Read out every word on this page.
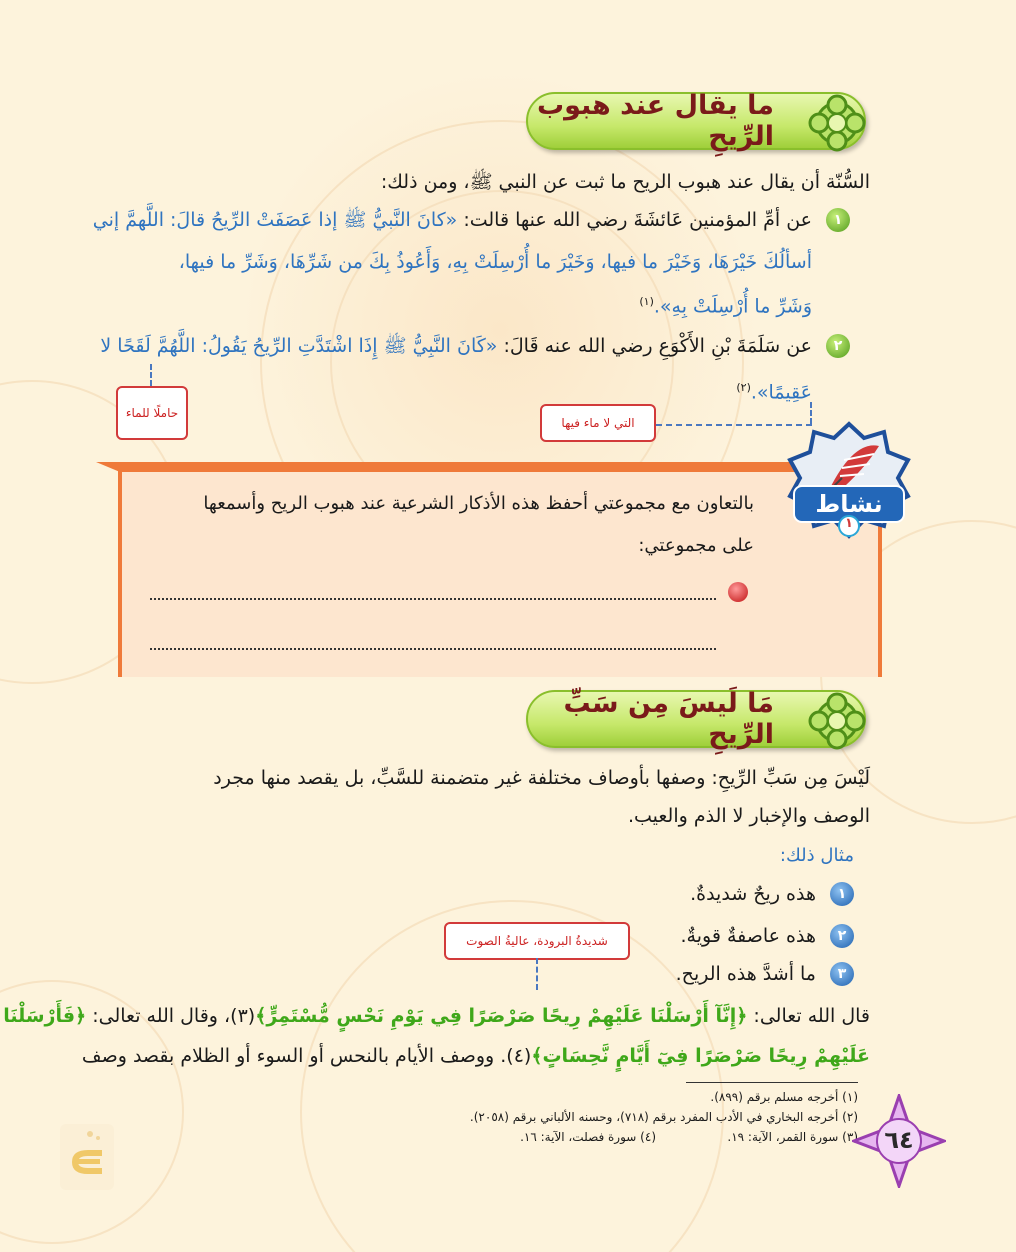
ما يقال عند هبوب الرِّيحِ
السُّنّة أن يقال عند هبوب الريح ما ثبت عن النبي ﷺ، ومن ذلك:
١
عن أمِّ المؤمنين عَائشَةَ رضي الله عنها قالت: «كانَ النَّبيُّ ﷺ إذا عَصَفَتْ الرِّيحُ قالَ: اللَّهمَّ إني
أسألُكَ خَيْرَهَا، وَخَيْرَ ما فيها، وَخَيْرَ ما أُرْسِلَتْ بِهِ، وَأَعُوذُ بِكَ من شَرِّهَا، وَشَرِّ ما فيها،
وَشَرِّ ما أُرْسِلَتْ بِهِ».$^{(١)}$
٢
عن سَلَمَةَ بْنِ الأَكْوَعِ رضي الله عنه قَالَ: «كَانَ النَّبِيُّ ﷺ إِذَا اشْتَدَّتِ الرِّيحُ يَقُولُ: اللَّهُمَّ لَقَحًا لا
عَقِيمًا».$^{(٢)}$
حاملًا للماء
التي لا ماء فيها
نشاط
١
بالتعاون مع مجموعتي أحفظ هذه الأذكار الشرعية عند هبوب الريح وأسمعها
على مجموعتي:
مَا لَيسَ مِن سَبِّ الرِّيحِ
لَيْسَ مِن سَبِّ الرِّيحِ: وصفها بأوصاف مختلفة غير متضمنة للسَّبِّ، بل يقصد منها مجرد
الوصف والإخبار لا الذم والعيب.
مثال ذلك:
١
هذه ريحٌ شديدةٌ.
٢
هذه عاصفةٌ قويةٌ.
٣
ما أشدَّ هذه الريح.
شديدةُ البرودة، عاليةُ الصوت
قال الله تعالى: ﴿إِنَّآ أَرْسَلْنَا عَلَيْهِمْ رِيحًا صَرْصَرًا فِي يَوْمِ نَحْسٍ مُّسْتَمِرٍّ﴾(٣)، وقال الله تعالى: ﴿فَأَرْسَلْنَا
عَلَيْهِمْ رِيحًا صَرْصَرًا فِيٓ أَيَّامٍ نَّحِسَاتٍ﴾(٤). ووصف الأيام بالنحس أو السوء أو الظلام بقصد وصف
(١) أخرجه مسلم برقم (٨٩٩).
(٢) أخرجه البخاري في الأدب المفرد برقم (٧١٨)، وحسنه الألباني برقم (٢٠٥٨).
(٣) سورة القمر، الآية: ١٩.
(٤) سورة فصلت، الآية: ١٦.	٦٤
